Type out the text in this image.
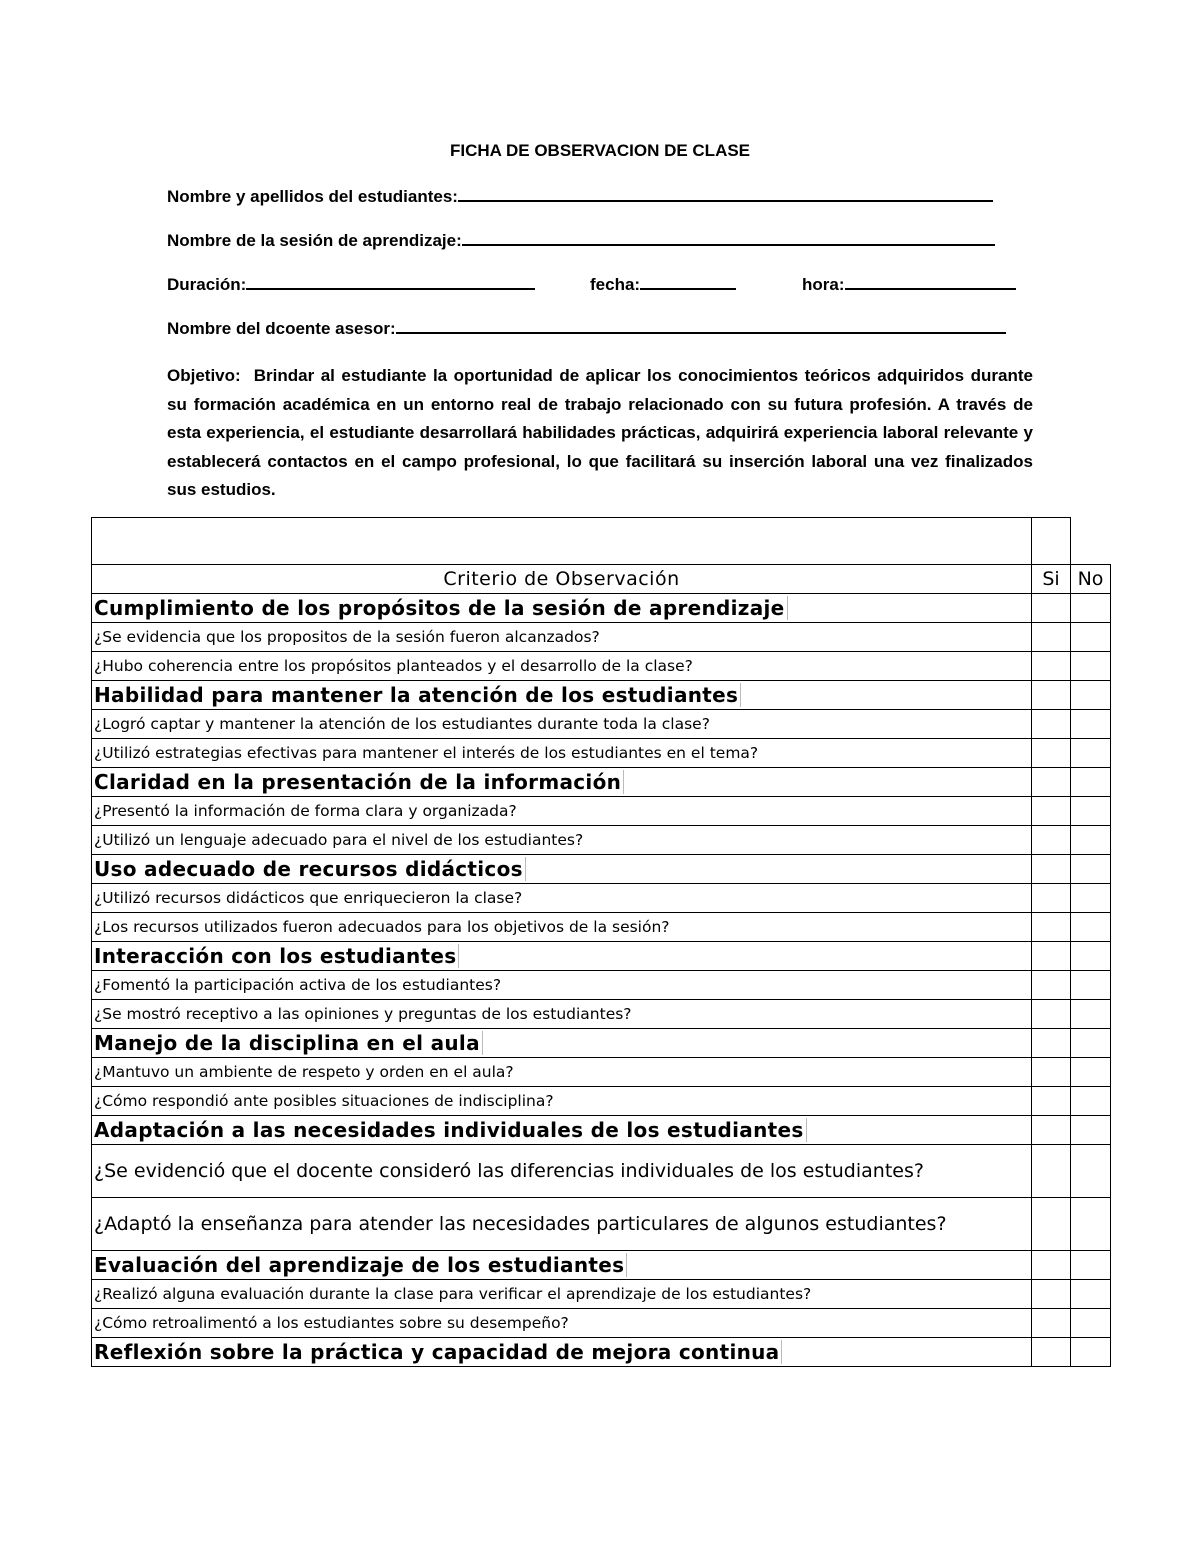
FICHA DE OBSERVACION DE CLASE
Nombre y apellidos del estudiantes:
Nombre de la sesión de aprendizaje:
Duración:	fecha:	hora:
Nombre del dcoente asesor:
Objetivo: Brindar al estudiante la oportunidad de aplicar los conocimientos teóricos adquiridos durante su formación académica en un entorno real de trabajo relacionado con su futura profesión. A través de esta experiencia, el estudiante desarrollará habilidades prácticas, adquirirá experiencia laboral relevante y establecerá contactos en el campo profesional, lo que facilitará su inserción laboral una vez finalizados sus estudios.

Criterio de Observación	Si	No
Cumplimiento de los propósitos de la sesión de aprendizaje		
¿Se evidencia que los propositos de la sesión fueron alcanzados?		
¿Hubo coherencia entre los propósitos planteados y el desarrollo de la clase?		
Habilidad para mantener la atención de los estudiantes		
¿Logró captar y mantener la atención de los estudiantes durante toda la clase?		
¿Utilizó estrategias efectivas para mantener el interés de los estudiantes en el tema?		
Claridad en la presentación de la información		
¿Presentó la información de forma clara y organizada?		
¿Utilizó un lenguaje adecuado para el nivel de los estudiantes?		
Uso adecuado de recursos didácticos		
¿Utilizó recursos didácticos que enriquecieron la clase?		
¿Los recursos utilizados fueron adecuados para los objetivos de la sesión?		
Interacción con los estudiantes		
¿Fomentó la participación activa de los estudiantes?		
¿Se mostró receptivo a las opiniones y preguntas de los estudiantes?		
Manejo de la disciplina en el aula		
¿Mantuvo un ambiente de respeto y orden en el aula?		
¿Cómo respondió ante posibles situaciones de indisciplina?		
Adaptación a las necesidades individuales de los estudiantes		
¿Se evidenció que el docente consideró las diferencias individuales de los estudiantes?		
¿Adaptó la enseñanza para atender las necesidades particulares de algunos estudiantes?		
Evaluación del aprendizaje de los estudiantes		
¿Realizó alguna evaluación durante la clase para verificar el aprendizaje de los estudiantes?		
¿Cómo retroalimentó a los estudiantes sobre su desempeño?		
Reflexión sobre la práctica y capacidad de mejora continua		
